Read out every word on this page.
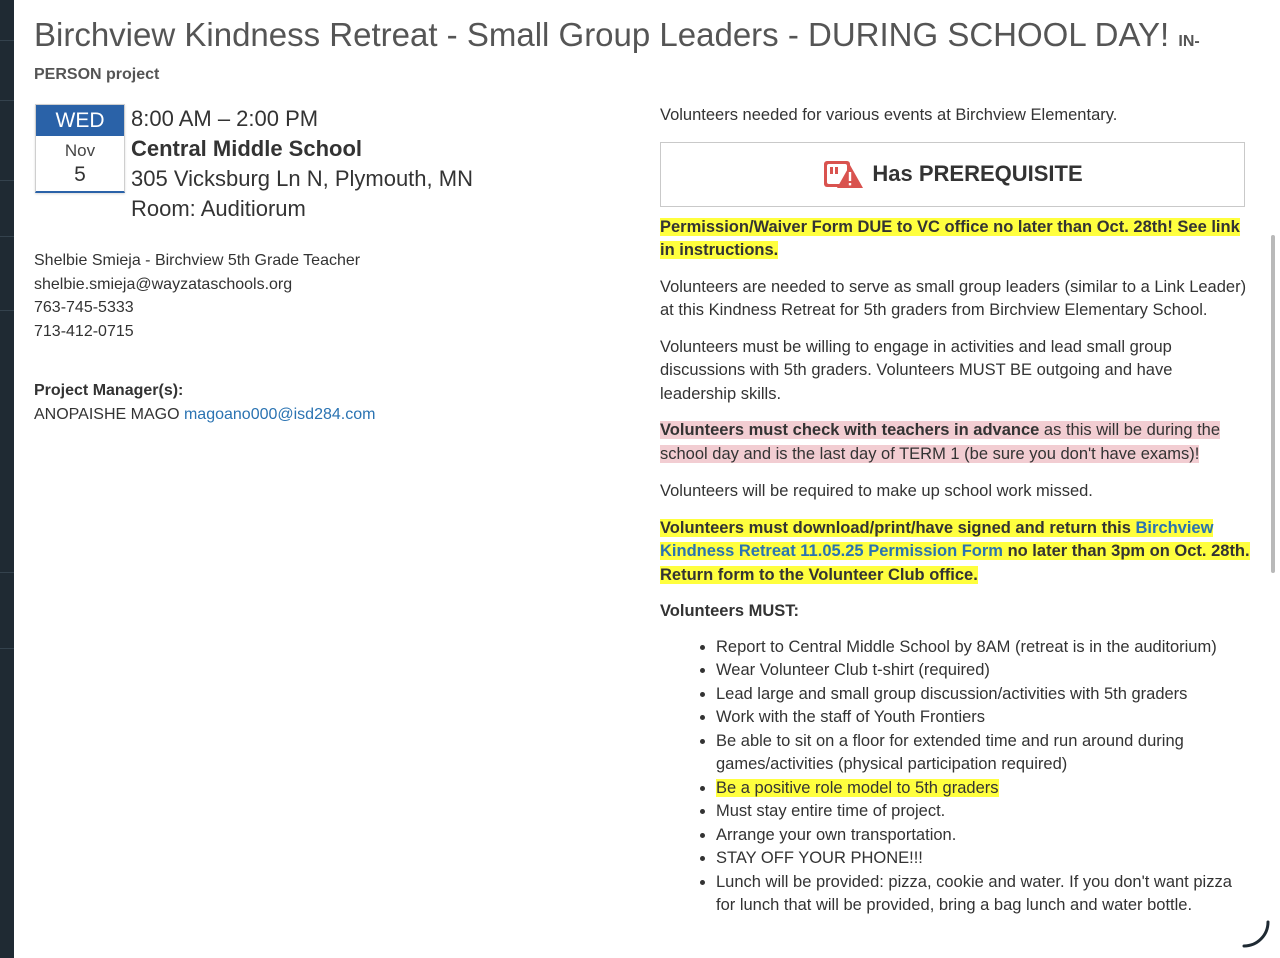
Birchview Kindness Retreat - Small Group Leaders - DURING SCHOOL DAY! IN-
PERSON project
WED
Nov
5
8:00 AM – 2:00 PM
Central Middle School
305 Vicksburg Ln N, Plymouth, MN
Room: Auditiorum
Shelbie Smieja - Birchview 5th Grade Teacher
shelbie.smieja@wayzataschools.org
763-745-5333
713-412-0715
Project Manager(s):
ANOPAISHE MAGO magoano000@isd284.com

Volunteers needed for various events at Birchview Elementary.

Has PREREQUISITE

Permission/Waiver Form DUE to VC office no later than Oct. 28th! See link in instructions.

Volunteers are needed to serve as small group leaders (similar to a Link Leader) at this Kindness Retreat for 5th graders from Birchview Elementary School.

Volunteers must be willing to engage in activities and lead small group discussions with 5th graders. Volunteers MUST BE outgoing and have leadership skills.

Volunteers must check with teachers in advance as this will be during the school day and is the last day of TERM 1 (be sure you don't have exams)!

Volunteers will be required to make up school work missed.

Volunteers must download/print/have signed and return this Birchview Kindness Retreat 11.05.25 Permission Form no later than 3pm on Oct. 28th. Return form to the Volunteer Club office.

Volunteers MUST:

• Report to Central Middle School by 8AM (retreat is in the auditorium)
• Wear Volunteer Club t-shirt (required)
• Lead large and small group discussion/activities with 5th graders
• Work with the staff of Youth Frontiers
• Be able to sit on a floor for extended time and run around during games/activities (physical participation required)
• Be a positive role model to 5th graders
• Must stay entire time of project.
• Arrange your own transportation.
• STAY OFF YOUR PHONE!!!
• Lunch will be provided: pizza, cookie and water. If you don't want pizza for lunch that will be provided, bring a bag lunch and water bottle.
